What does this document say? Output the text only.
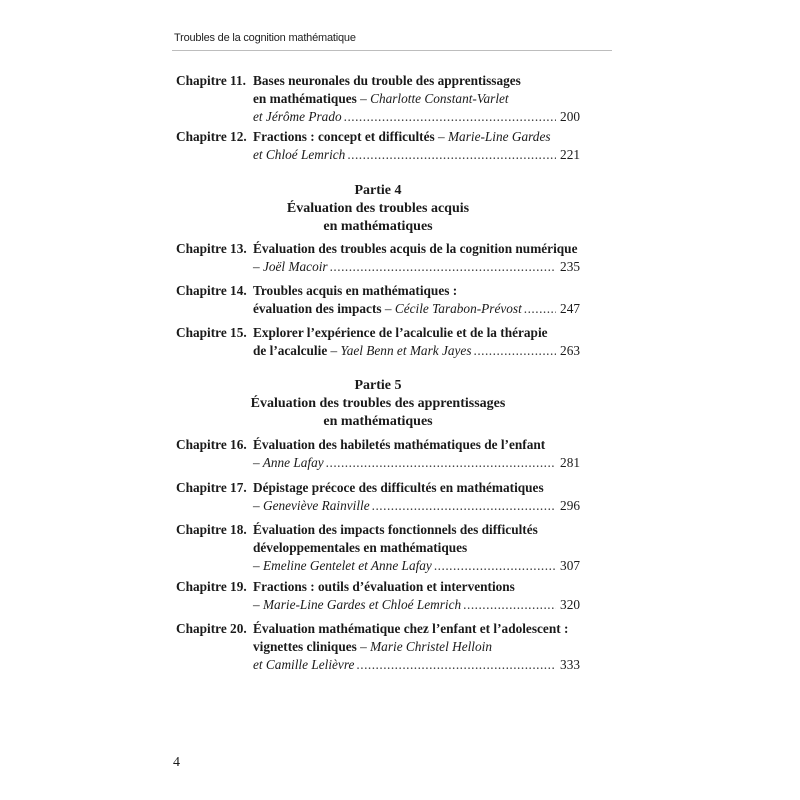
Troubles de la cognition mathématique
Chapitre 11. Bases neuronales du trouble des apprentissages
en mathématiques – Charlotte Constant-Varlet
et Jérôme Prado .....	200
Chapitre 12. Fractions : concept et difficultés – Marie-Line Gardes
et Chloé Lemrich .....	221
Partie 4
Évaluation des troubles acquis
en mathématiques
Chapitre 13. Évaluation des troubles acquis de la cognition numérique
– Joël Macoir .....	235
Chapitre 14. Troubles acquis en mathématiques :
évaluation des impacts – Cécile Tarabon-Prévost .....	247
Chapitre 15. Explorer l’expérience de l’acalculie et de la thérapie
de l’acalculie – Yael Benn et Mark Jayes .....	263
Partie 5
Évaluation des troubles des apprentissages
en mathématiques
Chapitre 16. Évaluation des habiletés mathématiques de l’enfant
– Anne Lafay .....	281
Chapitre 17. Dépistage précoce des difficultés en mathématiques
– Geneviève Rainville .....	296
Chapitre 18. Évaluation des impacts fonctionnels des difficultés
développementales en mathématiques
– Emeline Gentelet et Anne Lafay .....	307
Chapitre 19. Fractions : outils d’évaluation et interventions
– Marie-Line Gardes et Chloé Lemrich .....	320
Chapitre 20. Évaluation mathématique chez l’enfant et l’adolescent :
vignettes cliniques – Marie Christel Helloin
et Camille Lelièvre .....	333
4
